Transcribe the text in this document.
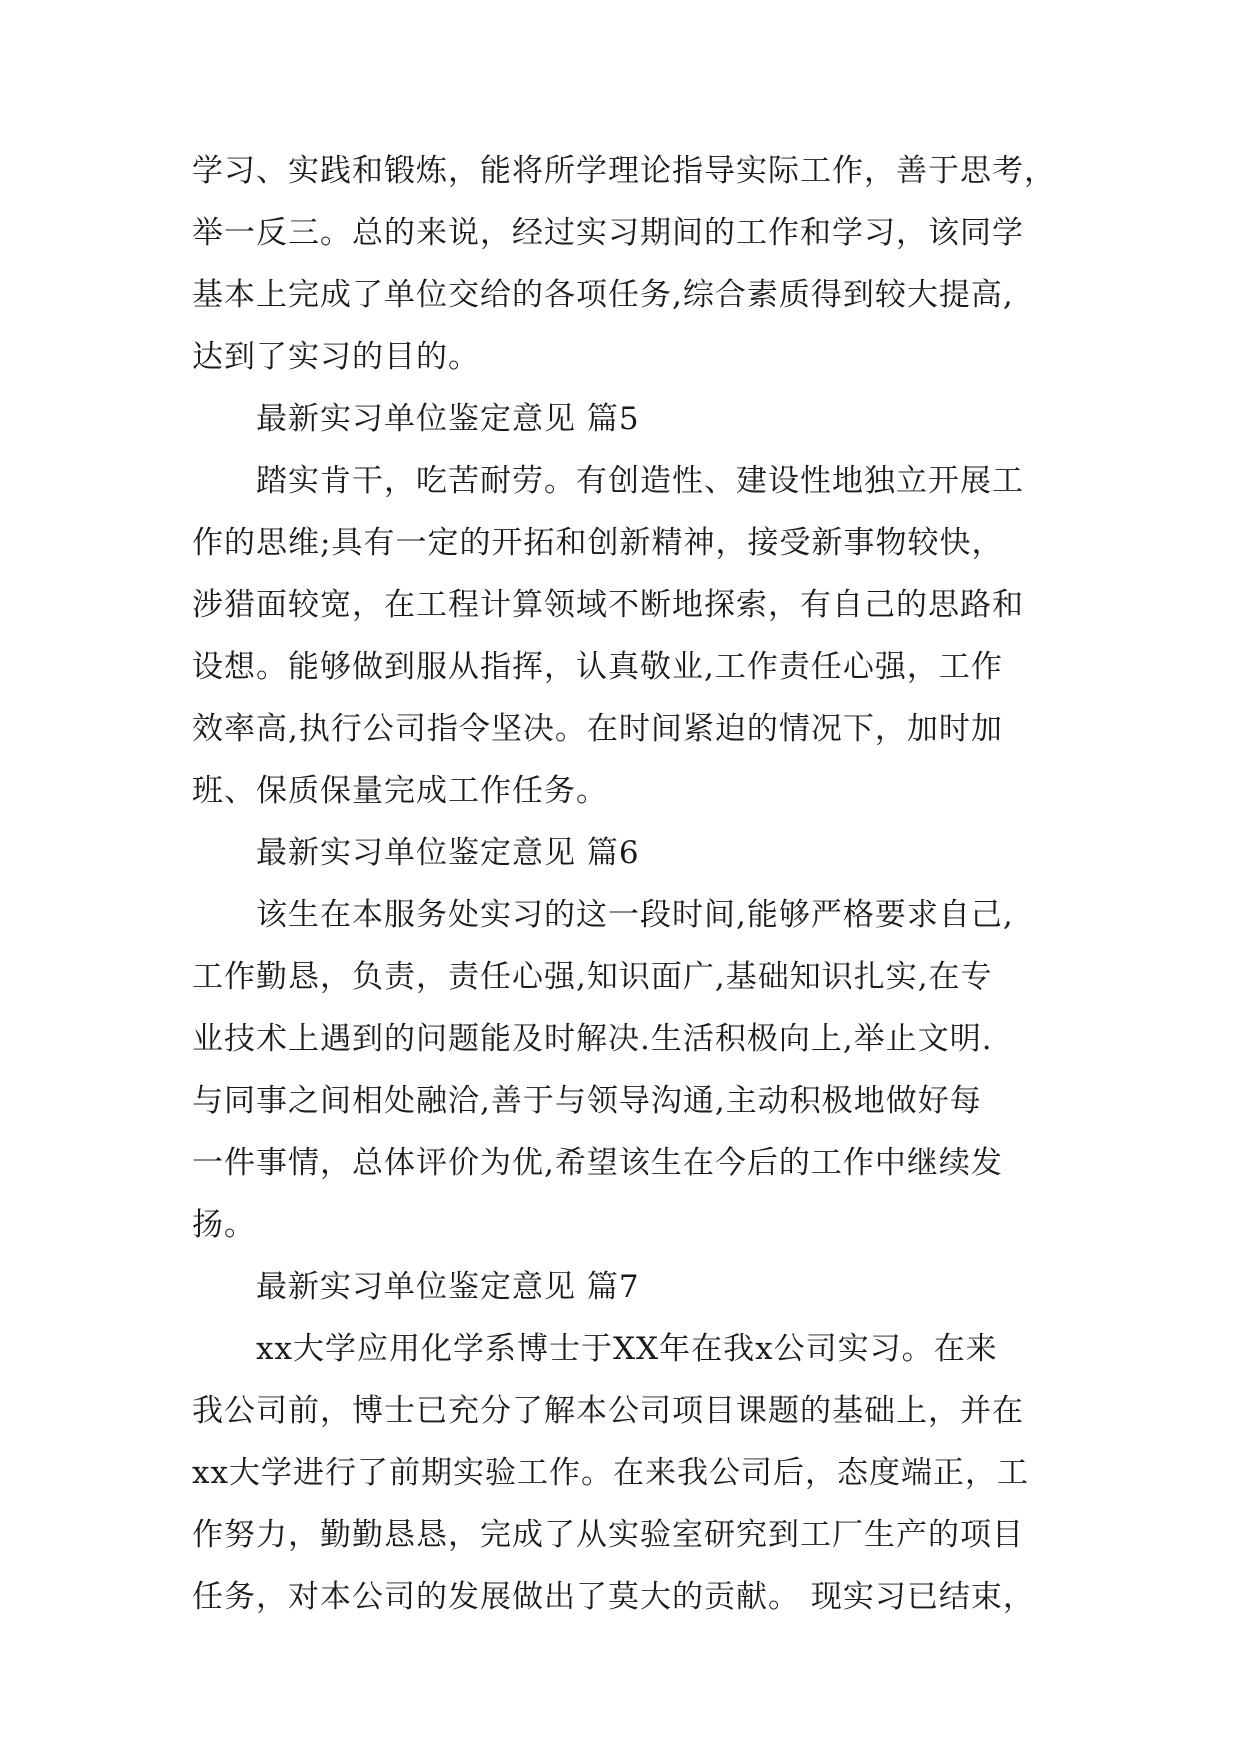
学习、实践和锻炼，能将所学理论指导实际工作，善于思考，
举一反三。总的来说，经过实习期间的工作和学习，该同学
基本上完成了单位交给的各项任务,综合素质得到较大提高,
达到了实习的目的。
最新实习单位鉴定意见 篇5
踏实肯干，吃苦耐劳。有创造性、建设性地独立开展工
作的思维;具有一定的开拓和创新精神，接受新事物较快，
涉猎面较宽，在工程计算领域不断地探索，有自己的思路和
设想。能够做到服从指挥，认真敬业,工作责任心强，工作
效率高,执行公司指令坚决。在时间紧迫的情况下，加时加
班、保质保量完成工作任务。
最新实习单位鉴定意见 篇6
该生在本服务处实习的这一段时间,能够严格要求自己,
工作勤恳，负责，责任心强,知识面广,基础知识扎实,在专
业技术上遇到的问题能及时解决.生活积极向上,举止文明.
与同事之间相处融洽,善于与领导沟通,主动积极地做好每
一件事情，总体评价为优,希望该生在今后的工作中继续发
扬。
最新实习单位鉴定意见 篇7
xx大学应用化学系博士于XX年在我x公司实习。在来
我公司前，博士已充分了解本公司项目课题的基础上，并在
xx大学进行了前期实验工作。在来我公司后，态度端正，工
作努力，勤勤恳恳，完成了从实验室研究到工厂生产的项目
任务，对本公司的发展做出了莫大的贡献。 现实习已结束，
